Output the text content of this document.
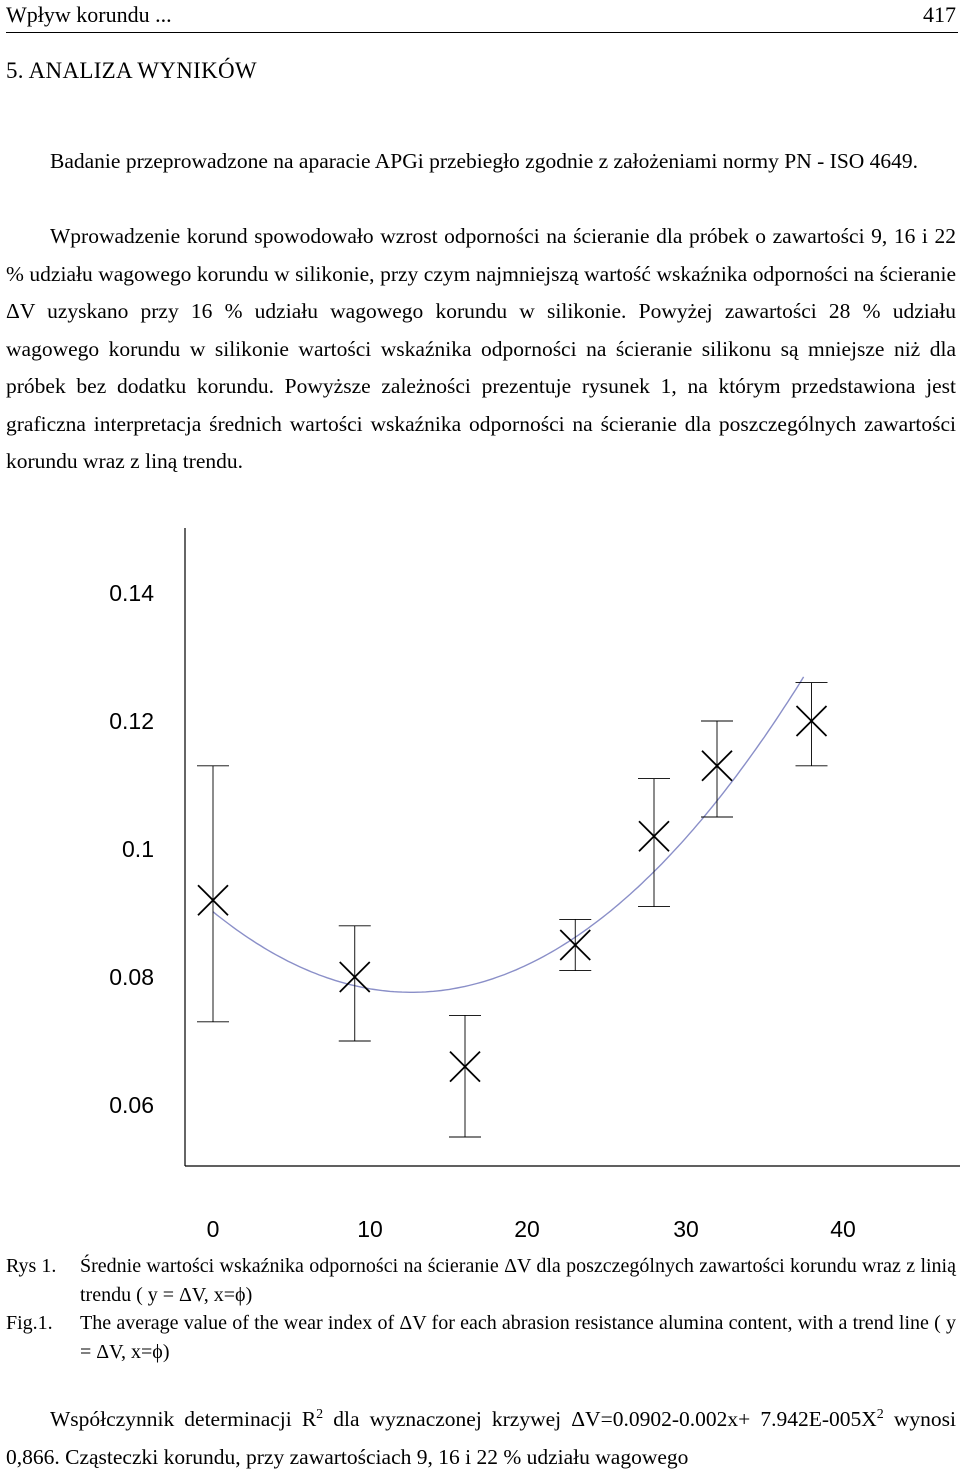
Wpływ korundu ...	417
5. ANALIZA WYNIKÓW
Badanie przeprowadzone na aparacie APGi przebiegło zgodnie z założeniami normy PN - ISO 4649.
Wprowadzenie korund spowodowało wzrost odporności na ścieranie dla próbek o zawartości 9, 16 i 22 % udziału wagowego korundu w silikonie, przy czym najmniejszą wartość wskaźnika odporności na ścieranie ΔV uzyskano przy 16 % udziału wagowego korundu w silikonie. Powyżej zawartości 28 % udziału wagowego korundu w silikonie wartości wskaźnika odporności na ścieranie silikonu są mniejsze niż dla próbek bez dodatku korundu. Powyższe zależności prezentuje rysunek 1, na którym przedstawiona jest graficzna interpretacja średnich wartości wskaźnika odporności na ścieranie dla poszczególnych zawartości korundu wraz z liną trendu.
0.14
0.12
0.1
0.08
0.06
0	10	20	30	40
Rys 1. Średnie wartości wskaźnika odporności na ścieranie ΔV dla poszczególnych zawartości korundu wraz z linią trendu ( y = ΔV, x=ϕ)
Fig.1. The average value of the wear index of ΔV for each abrasion resistance alumina content, with a trend line ( y = ΔV, x=ϕ)
Współczynnik determinacji $R^2$ dla wyznaczonej krzywej $\Delta V=0.0902-0.002x+ 7.942E-005X^2$ wynosi 0,866. Cząsteczki korundu, przy zawartościach 9, 16 i 22 % udziału wagowego
